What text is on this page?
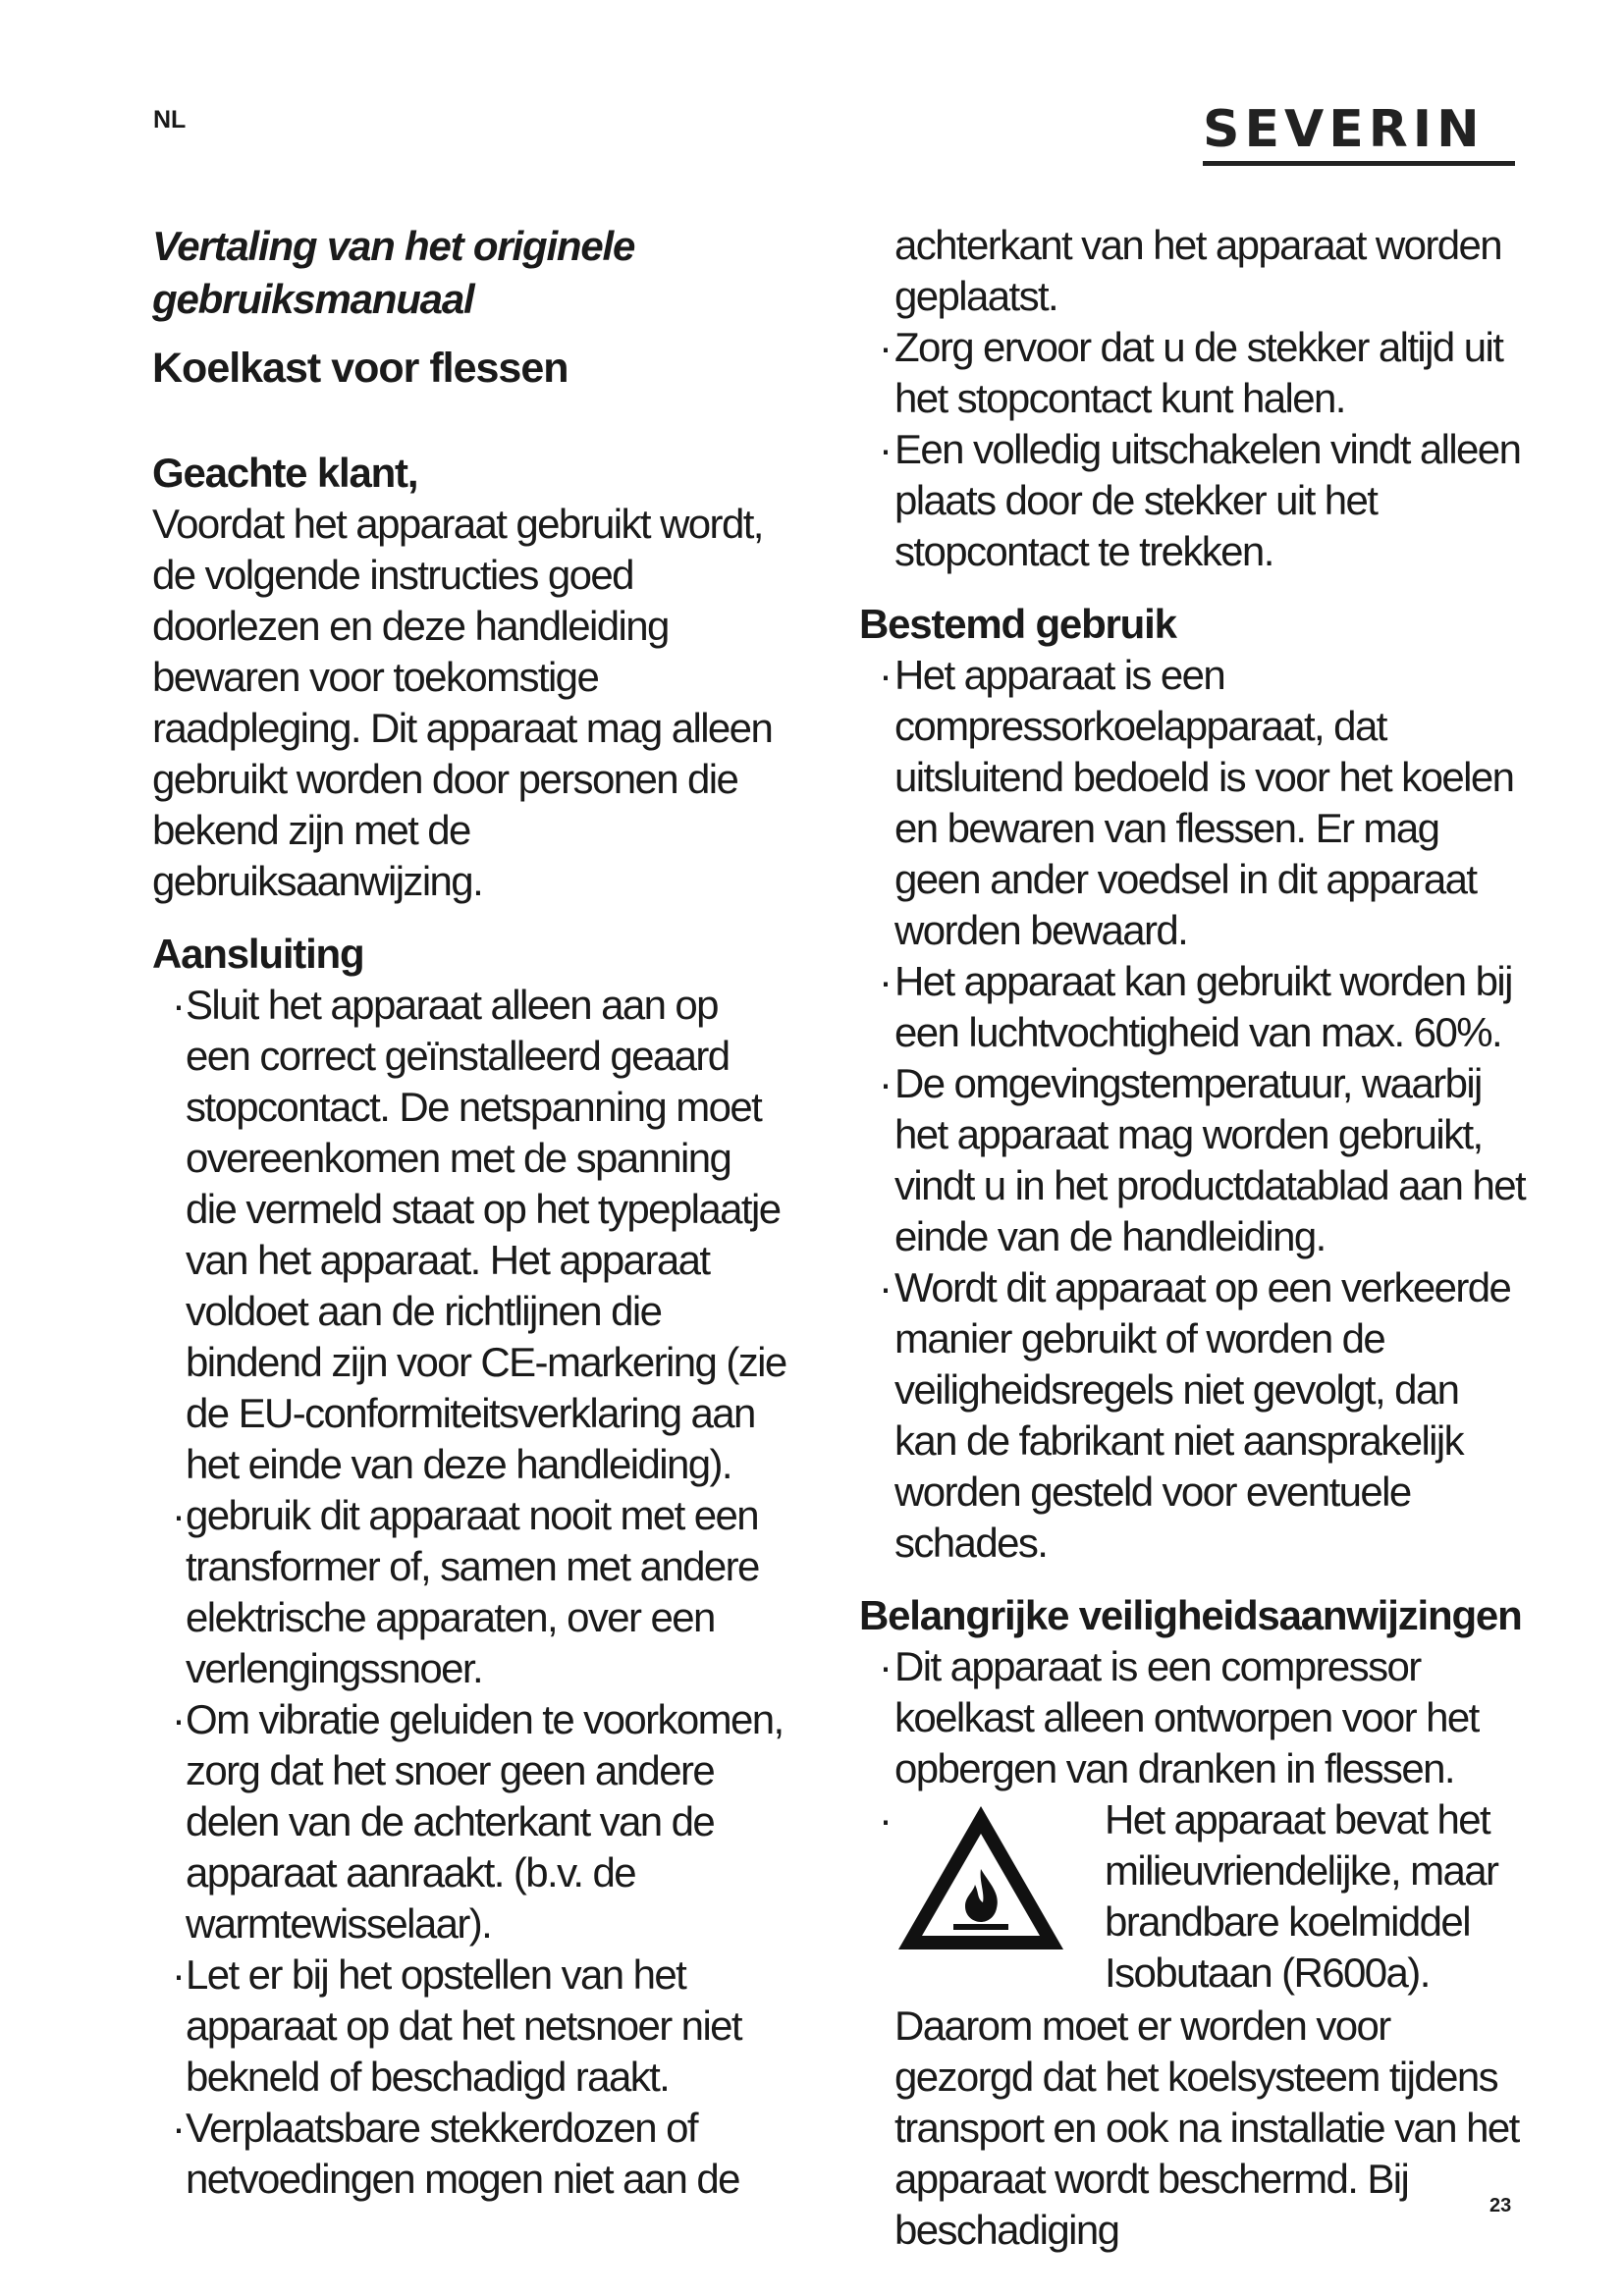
NL	SEVERIN
Vertaling van het originele gebruiksmanuaal
Koelkast voor flessen
Geachte klant,
Voordat het apparaat gebruikt wordt, de volgende instructies goed doorlezen en deze handleiding bewaren voor toekomstige raadpleging. Dit apparaat mag alleen gebruikt worden door personen die bekend zijn met de gebruiksaanwijzing.
Aansluiting
· Sluit het apparaat alleen aan op een correct geïnstalleerd geaard stopcontact. De netspanning moet overeenkomen met de spanning die vermeld staat op het typeplaatje van het apparaat. Het apparaat voldoet aan de richtlijnen die bindend zijn voor CE-markering (zie de EU-conformiteitsverklaring aan het einde van deze handleiding).
· gebruik dit apparaat nooit met een transformer of, samen met andere elektrische apparaten, over een verlengingssnoer.
· Om vibratie geluiden te voorkomen, zorg dat het snoer geen andere delen van de achterkant van de apparaat aanraakt. (b.v. de warmtewisselaar).
· Let er bij het opstellen van het apparaat op dat het netsnoer niet bekneld of beschadigd raakt.
· Verplaatsbare stekkerdozen of netvoedingen mogen niet aan de
achterkant van het apparaat worden geplaatst.
· Zorg ervoor dat u de stekker altijd uit het stopcontact kunt halen.
· Een volledig uitschakelen vindt alleen plaats door de stekker uit het stopcontact te trekken.
Bestemd gebruik
· Het apparaat is een compressorkoelapparaat, dat uitsluitend bedoeld is voor het koelen en bewaren van flessen. Er mag geen ander voedsel in dit apparaat worden bewaard.
· Het apparaat kan gebruikt worden bij een luchtvochtigheid van max. 60%.
· De omgevingstemperatuur, waarbij het apparaat mag worden gebruikt, vindt u in het productdatablad aan het einde van de handleiding.
· Wordt dit apparaat op een verkeerde manier gebruikt of worden de veiligheidsregels niet gevolgt, dan kan de fabrikant niet aansprakelijk worden gesteld voor eventuele schades.
Belangrijke veiligheidsaanwijzingen
· Dit apparaat is een compressor koelkast alleen ontworpen voor het opbergen van dranken in flessen.
·	Het apparaat bevat het milieuvriendelijke, maar brandbare koelmiddel Isobutaan (R600a).
Daarom moet er worden voor gezorgd dat het koelsysteem tijdens transport en ook na installatie van het apparaat wordt beschermd. Bij beschadiging
23
